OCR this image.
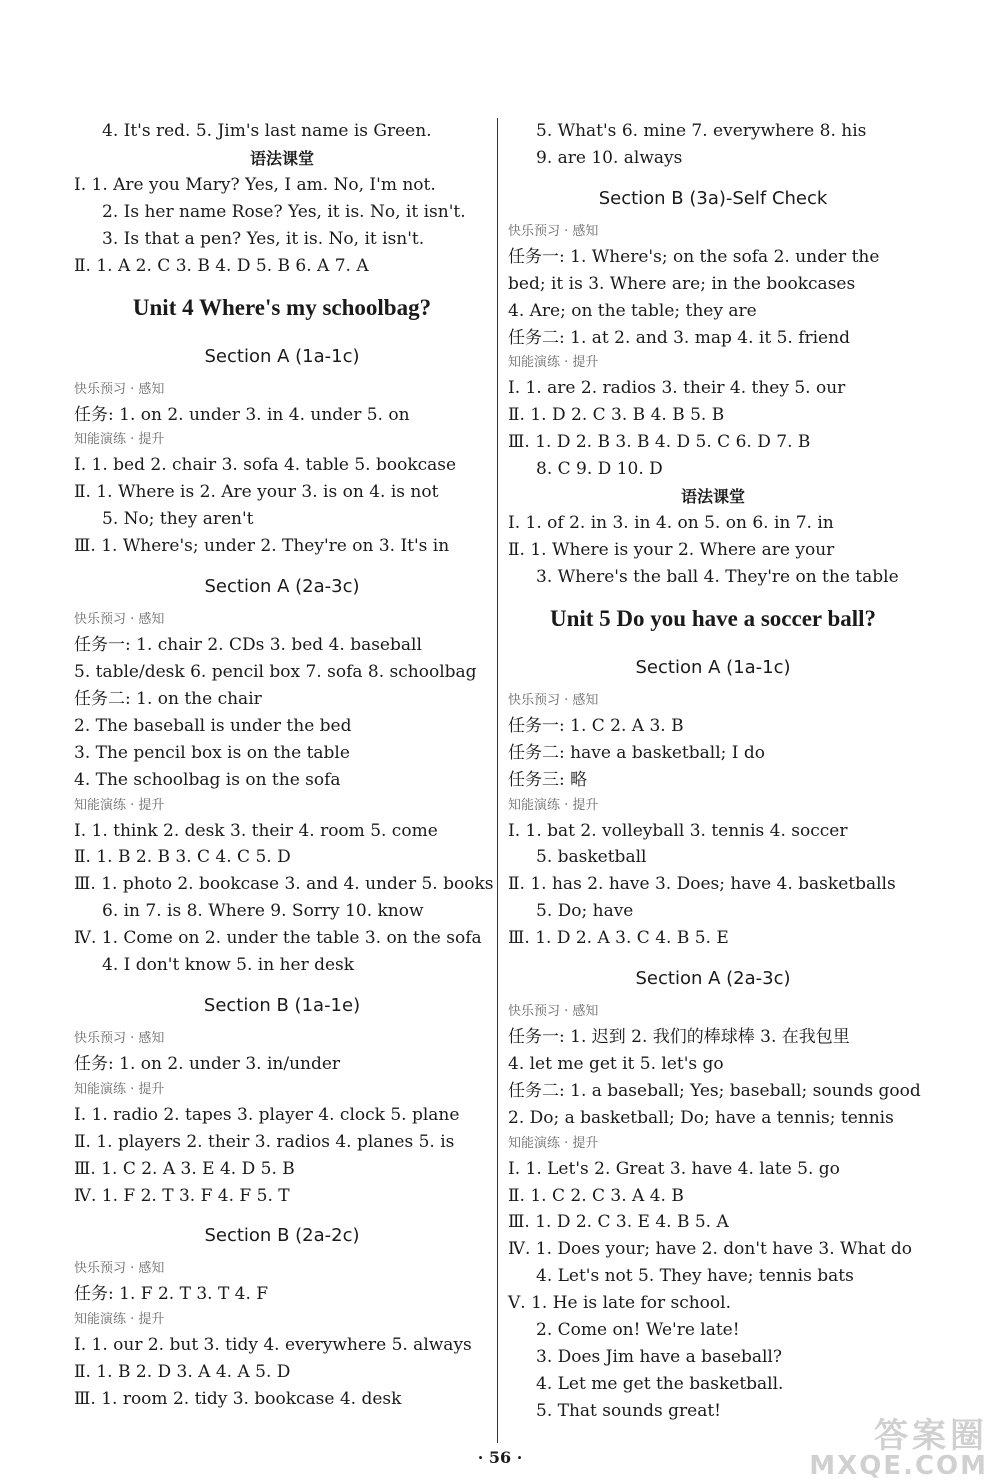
4. It's red. 5. Jim's last name is Green.
语法课堂
Ⅰ. 1. Are you Mary? Yes, I am. No, I'm not.
2. Is her name Rose? Yes, it is. No, it isn't.
3. Is that a pen? Yes, it is. No, it isn't.
Ⅱ. 1. A 2. C 3. B 4. D 5. B 6. A 7. A
Unit 4 Where's my schoolbag?
Section A (1a-1c)
快乐预习 · 感知
任务: 1. on 2. under 3. in 4. under 5. on
知能演练 · 提升
Ⅰ. 1. bed 2. chair 3. sofa 4. table 5. bookcase
Ⅱ. 1. Where is 2. Are your 3. is on 4. is not
5. No; they aren't
Ⅲ. 1. Where's; under 2. They're on 3. It's in
Section A (2a-3c)
快乐预习 · 感知
任务一: 1. chair 2. CDs 3. bed 4. baseball
5. table/desk 6. pencil box 7. sofa 8. schoolbag
任务二: 1. on the chair
2. The baseball is under the bed
3. The pencil box is on the table
4. The schoolbag is on the sofa
知能演练 · 提升
Ⅰ. 1. think 2. desk 3. their 4. room 5. come
Ⅱ. 1. B 2. B 3. C 4. C 5. D
Ⅲ. 1. photo 2. bookcase 3. and 4. under 5. books
6. in 7. is 8. Where 9. Sorry 10. know
Ⅳ. 1. Come on 2. under the table 3. on the sofa
4. I don't know 5. in her desk
Section B (1a-1e)
快乐预习 · 感知
任务: 1. on 2. under 3. in/under
知能演练 · 提升
Ⅰ. 1. radio 2. tapes 3. player 4. clock 5. plane
Ⅱ. 1. players 2. their 3. radios 4. planes 5. is
Ⅲ. 1. C 2. A 3. E 4. D 5. B
Ⅳ. 1. F 2. T 3. F 4. F 5. T
Section B (2a-2c)
快乐预习 · 感知
任务: 1. F 2. T 3. T 4. F
知能演练 · 提升
Ⅰ. 1. our 2. but 3. tidy 4. everywhere 5. always
Ⅱ. 1. B 2. D 3. A 4. A 5. D
Ⅲ. 1. room 2. tidy 3. bookcase 4. desk
5. What's 6. mine 7. everywhere 8. his
9. are 10. always
Section B (3a)-Self Check
快乐预习 · 感知
任务一: 1. Where's; on the sofa 2. under the
bed; it is 3. Where are; in the bookcases
4. Are; on the table; they are
任务二: 1. at 2. and 3. map 4. it 5. friend
知能演练 · 提升
Ⅰ. 1. are 2. radios 3. their 4. they 5. our
Ⅱ. 1. D 2. C 3. B 4. B 5. B
Ⅲ. 1. D 2. B 3. B 4. D 5. C 6. D 7. B
8. C 9. D 10. D
语法课堂
Ⅰ. 1. of 2. in 3. in 4. on 5. on 6. in 7. in
Ⅱ. 1. Where is your 2. Where are your
3. Where's the ball 4. They're on the table
Unit 5 Do you have a soccer ball?
Section A (1a-1c)
快乐预习 · 感知
任务一: 1. C 2. A 3. B
任务二: have a basketball; I do
任务三: 略
知能演练 · 提升
Ⅰ. 1. bat 2. volleyball 3. tennis 4. soccer
5. basketball
Ⅱ. 1. has 2. have 3. Does; have 4. basketballs
5. Do; have
Ⅲ. 1. D 2. A 3. C 4. B 5. E
Section A (2a-3c)
快乐预习 · 感知
任务一: 1. 迟到 2. 我们的棒球棒 3. 在我包里
4. let me get it 5. let's go
任务二: 1. a baseball; Yes; baseball; sounds good
2. Do; a basketball; Do; have a tennis; tennis
知能演练 · 提升
Ⅰ. 1. Let's 2. Great 3. have 4. late 5. go
Ⅱ. 1. C 2. C 3. A 4. B
Ⅲ. 1. D 2. C 3. E 4. B 5. A
Ⅳ. 1. Does your; have 2. don't have 3. What do
4. Let's not 5. They have; tennis bats
Ⅴ. 1. He is late for school.
2. Come on! We're late!
3. Does Jim have a baseball?
4. Let me get the basketball.
5. That sounds great!
· 56 ·
答案圈
MXQE.COM
